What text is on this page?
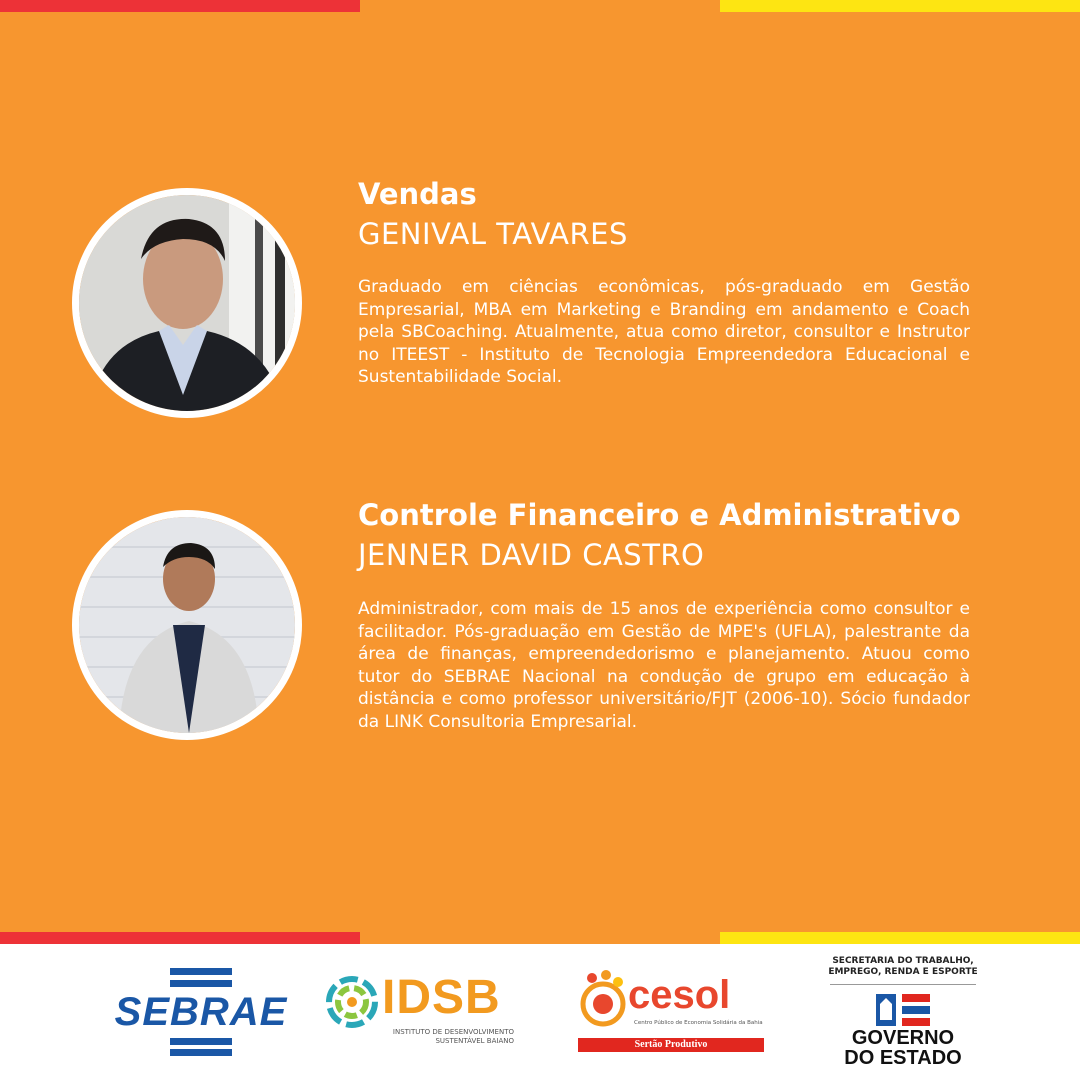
Vendas
GENIVAL TAVARES
Graduado em ciências econômicas, pós-graduado em Gestão Empresarial, MBA em Marketing e Branding em andamento e Coach pela SBCoaching. Atualmente, atua como diretor, consultor e Instrutor no ITEEST - Instituto de Tecnologia Empreendedora Educacional e Sustentabilidade Social.
Controle Financeiro e Administrativo
JENNER DAVID CASTRO
Administrador, com mais de 15 anos de experiência como consultor e facilitador. Pós-graduação em Gestão de MPE's (UFLA), palestrante da área de finanças, empreendedorismo e planejamento. Atuou como tutor do SEBRAE Nacional na condução de grupo em educação à distância e como professor universitário/FJT (2006-10). Sócio fundador da LINK Consultoria Empresarial.
SEBRAE IDSB
INSTITUTO DE DESENVOLVIMENTO SUSTENTÁVEL BAIANO
cesol
Centro Público de Economia Solidária da Bahia
Sertão Produtivo
SECRETARIA DO TRABALHO, EMPREGO, RENDA E ESPORTE
GOVERNO
DO ESTADO
